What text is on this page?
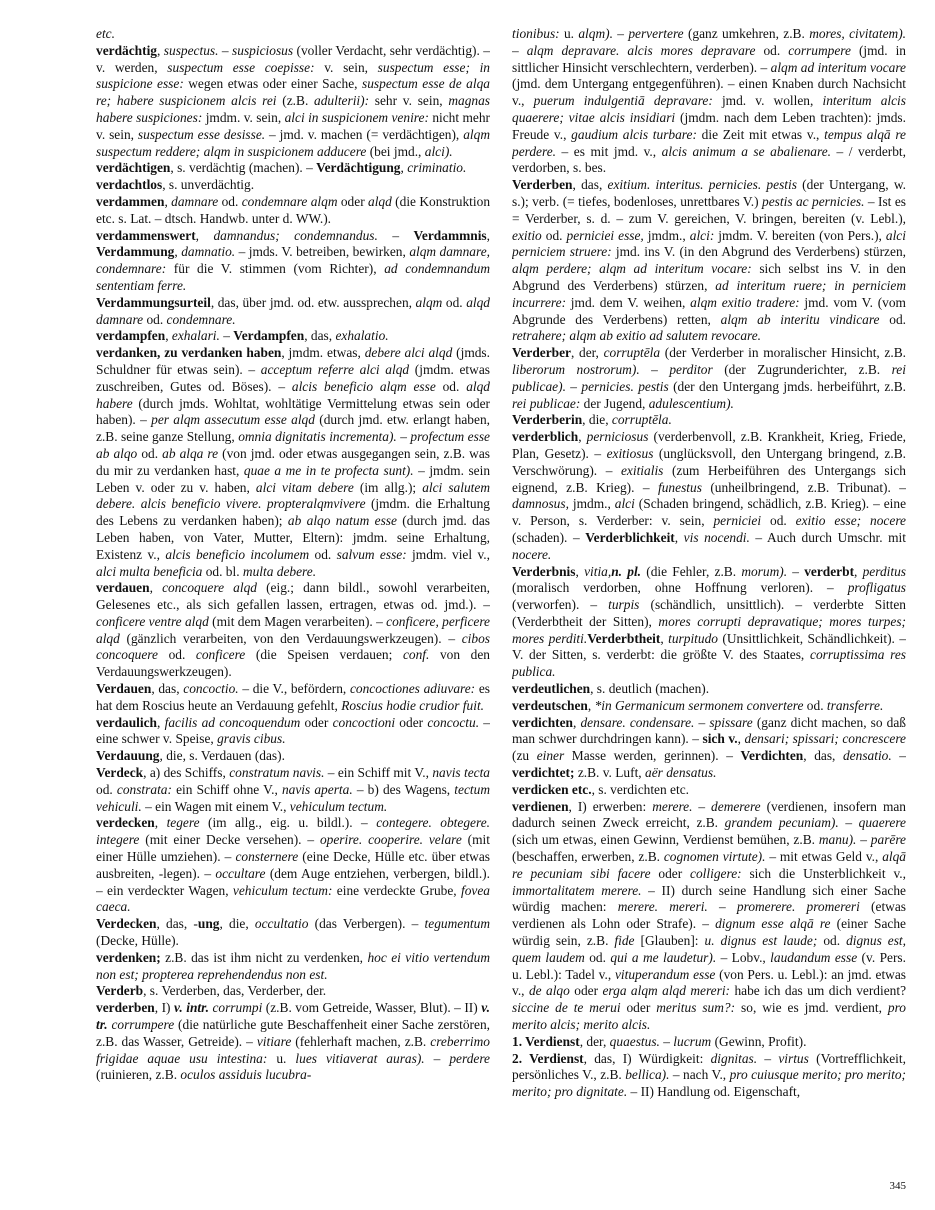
etc.

verdächtig, suspectus. – suspiciosus (voller Verdacht, sehr verdächtig). – v. werden, suspectum esse coepisse: v. sein, suspectum esse; in suspicione esse: wegen etwas oder einer Sache, suspectum esse de alqa re; habere suspicionem alcis rei (z.B. adulterii): sehr v. sein, magnas habere suspiciones: jmdm. v. sein, alci in suspicionem venire: nicht mehr v. sein, suspectum esse desisse. – jmd. v. machen (= verdächtigen), alqm suspectum reddere; alqm in suspicionem adducere (bei jmd., alci).

verdächtigen, s. verdächtig (machen). – Verdächtigung, criminatio.

verdachtlos, s. unverdächtig.

verdammen, damnare od. condemnare alqm oder alqd (die Konstruktion etc. s. Lat. – dtsch. Handwb. unter d. WW.).

verdammenswert, damnandus; condemnandus. – Verdammnis, Verdammung, damnatio. – jmds. V. betreiben, bewirken, alqm damnare, condemnare: für die V. stimmen (vom Richter), ad condemnandum sententiam ferre.

Verdammungsurteil, das, über jmd. od. etw. aussprechen, alqm od. alqd damnare od. condemnare.

verdampfen, exhalari. – Verdampfen, das, exhalatio.

verdanken, zu verdanken haben, jmdm. etwas, debere alci alqd (jmds. Schuldner für etwas sein). – acceptum referre alci alqd (jmdm. etwas zuschreiben, Gutes od. Böses). – alcis beneficio alqm esse od. alqd habere (durch jmds. Wohltat, wohltätige Vermittelung etwas sein oder haben). – per alqm assecutum esse alqd (durch jmd. etw. erlangt haben, z.B. seine ganze Stellung, omnia dignitatis incrementa). – profectum esse ab alqo od. ab alqa re (von jmd. oder etwas ausgegangen sein, z.B. was du mir zu verdanken hast, quae a me in te profecta sunt). – jmdm. sein Leben v. oder zu v. haben, alci vitam debere (im allg.); alci salutem debere. alcis beneficio vivere. propteralqmvivere (jmdm. die Erhaltung des Lebens zu verdanken haben); ab alqo natum esse (durch jmd. das Leben haben, von Vater, Mutter, Eltern): jmdm. seine Erhaltung, Existenz v., alcis beneficio incolumem od. salvum esse: jmdm. viel v., alci multa beneficia od. bl. multa debere.

verdauen, concoquere alqd (eig.; dann bildl., sowohl verarbeiten, Gelesenes etc., als sich gefallen lassen, ertragen, etwas od. jmd.). – conficere ventre alqd (mit dem Magen verarbeiten). – conficere, perficere alqd (gänzlich verarbeiten, von den Verdauungswerkzeugen). – cibos concoquere od. conficere (die Speisen verdauen; conf. von den Verdauungswerkzeugen).

Verdauen, das, concoctio. – die V., befördern, concoctiones adiuvare: es hat dem Roscius heute an Verdauung gefehlt, Roscius hodie crudior fuit.

verdaulich, facilis ad concoquendum oder concoctioni oder concoctu. – eine schwer v. Speise, gravis cibus.

Verdauung, die, s. Verdauen (das).

Verdeck, a) des Schiffs, constratum navis. – ein Schiff mit V., navis tecta od. constrata: ein Schiff ohne V., navis aperta. – b) des Wagens, tectum vehiculi. – ein Wagen mit einem V., vehiculum tectum.

verdecken, tegere (im allg., eig. u. bildl.). – contegere. obtegere. integere (mit einer Decke versehen). – operire. cooperire. velare (mit einer Hülle umziehen). – consternere (eine Decke, Hülle etc. über etwas ausbreiten, -legen). – occultare (dem Auge entziehen, verbergen, bildl.). – ein verdeckter Wagen, vehiculum tectum: eine verdeckte Grube, fovea caeca.

Verdecken, das, -ung, die, occultatio (das Verbergen). – tegumentum (Decke, Hülle).

verdenken; z.B. das ist ihm nicht zu verdenken, hoc ei vitio vertendum non est; propterea reprehendendus non est.

Verderb, s. Verderben, das, Verderber, der.

verderben, I) v. intr. corrumpi (z.B. vom Getreide, Wasser, Blut). – II) v. tr. corrumpere (die natürliche gute Beschaffenheit einer Sache zerstören, z.B. das Wasser, Getreide). – vitiare (fehlerhaft machen, z.B. creberrimo frigidae aquae usu intestina: u. lues vitiaverat auras). – perdere (ruinieren, z.B. oculos assiduis lucubra-

tionibus: u. alqm). – pervertere (ganz umkehren, z.B. mores, civitatem). – alqm depravare. alcis mores depravare od. corrumpere (jmd. in sittlicher Hinsicht verschlechtern, verderben). – alqm ad interitum vocare (jmd. dem Untergang entgegenführen). – einen Knaben durch Nachsicht v., puerum indulgentiā depravare: jmd. v. wollen, interitum alcis quaerere; vitae alcis insidiari (jmdm. nach dem Leben trachten): jmds. Freude v., gaudium alcis turbare: die Zeit mit etwas v., tempus alqā re perdere. – es mit jmd. v., alcis animum a se abalienare. – / verderbt, verdorben, s. bes.

Verderben, das, exitium. interitus. pernicies. pestis (der Untergang, w. s.); verb. (= tiefes, bodenloses, unrettbares V.) pestis ac pernicies. – Ist es = Verderber, s. d. – zum V. gereichen, V. bringen, bereiten (v. Lebl.), exitio od. perniciei esse, jmdm., alci: jmdm. V. bereiten (von Pers.), alci perniciem struere: jmd. ins V. (in den Abgrund des Verderbens) stürzen, alqm perdere; alqm ad interitum vocare: sich selbst ins V. in den Abgrund des Verderbens) stürzen, ad interitum ruere; in perniciem incurrere: jmd. dem V. weihen, alqm exitio tradere: jmd. vom V. (vom Abgrunde des Verderbens) retten, alqm ab interitu vindicare od. retrahere; alqm ab exitio ad salutem revocare.

Verderber, der, corruptēla (der Verderber in moralischer Hinsicht, z.B. liberorum nostrorum). – perditor (der Zugrunderichter, z.B. rei publicae). – pernicies. pestis (der den Untergang jmds. herbeiführt, z.B. rei publicae: der Jugend, adulescentium).

Verderberin, die, corruptēla.

verderblich, perniciosus (verderbenvoll, z.B. Krankheit, Krieg, Friede, Plan, Gesetz). – exitiosus (unglücksvoll, den Untergang bringend, z.B. Verschwörung). – exitialis (zum Herbeiführen des Untergangs sich eignend, z.B. Krieg). – funestus (unheilbringend, z.B. Tribunat). – damnosus, jmdm., alci (Schaden bringend, schädlich, z.B. Krieg). – eine v. Person, s. Verderber: v. sein, perniciei od. exitio esse; nocere (schaden). – Verderblichkeit, vis nocendi. – Auch durch Umschr. mit nocere.

Verderbnis, vitia,n. pl. (die Fehler, z.B. morum). – verderbt, perditus (moralisch verdorben, ohne Hoffnung verloren). – profligatus (verworfen). – turpis (schändlich, unsittlich). – verderbte Sitten (Verderbtheit der Sitten), mores corrupti depravatique; mores turpes; mores perditi.Verderbtheit, turpitudo (Unsittlichkeit, Schändlichkeit). – V. der Sitten, s. verderbt: die größte V. des Staates, corruptissima res publica.

verdeutlichen, s. deutlich (machen).

verdeutschen, *in Germanicum sermonem convertere od. transferre.

verdichten, densare. condensare. – spissare (ganz dicht machen, so daß man schwer durchdringen kann). – sich v., densari; spissari; concrescere (zu einer Masse werden, gerinnen). – Verdichten, das, densatio. – verdichtet; z.B. v. Luft, aër densatus.

verdicken etc., s. verdichten etc.

verdienen, I) erwerben: merere. – demerere (verdienen, insofern man dadurch seinen Zweck erreicht, z.B. grandem pecuniam). – quaerere (sich um etwas, einen Gewinn, Verdienst bemühen, z.B. manu). – parēre (beschaffen, erwerben, z.B. cognomen virtute). – mit etwas Geld v., alqā re pecuniam sibi facere oder colligere: sich die Unsterblichkeit v., immortalitatem merere. – II) durch seine Handlung sich einer Sache würdig machen: merere. mereri. – promerere. promereri (etwas verdienen als Lohn oder Strafe). – dignum esse alqā re (einer Sache würdig sein, z.B. fide [Glauben]: u. dignus est laude; od. dignus est, quem laudem od. qui a me laudetur). – Lobv., laudandum esse (v. Pers. u. Lebl.): Tadel v., vituperandum esse (von Pers. u. Lebl.): an jmd. etwas v., de alqo oder erga alqm alqd mereri: habe ich das um dich verdient? siccine de te merui oder meritus sum?: so, wie es jmd. verdient, pro merito alcis; merito alcis.

1. Verdienst, der, quaestus. – lucrum (Gewinn, Profit).

2. Verdienst, das, I) Würdigkeit: dignitas. – virtus (Vortrefflichkeit, persönliches V., z.B. bellica). – nach V., pro cuiusque merito; pro merito; merito; pro dignitate. – II) Handlung od. Eigenschaft,

345
